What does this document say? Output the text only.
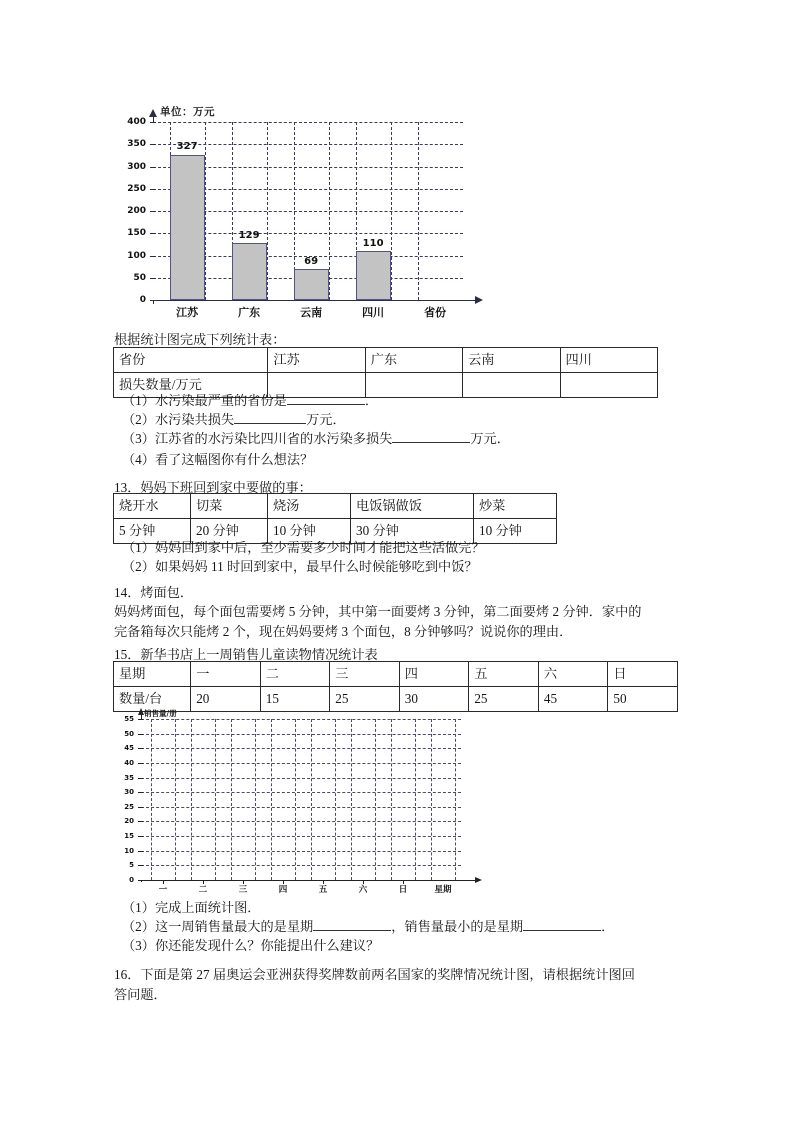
单位：万元
327
129
69
110
0
50
100
150
200
250
300
350
400
江苏	广东	云南	四川	省份
根据统计图完成下列统计表：
省份	江苏	广东	云南	四川
损失数量/万元				
（1）水污染最严重的省份是	．
（2）水污染共损失	万元．
（3）江苏省的水污染比四川省的水污染多损失	万元．
（4）看了这幅图你有什么想法？
13．妈妈下班回到家中要做的事：
烧开水	切菜	烧汤	电饭锅做饭	炒菜
5 分钟	20 分钟	10 分钟	30 分钟	10 分钟
（1）妈妈回到家中后，至少需要多少时间才能把这些活做完？
（2）如果妈妈 11 时回到家中，最早什么时候能够吃到中饭？
14．烤面包．
妈妈烤面包，每个面包需要烤 5 分钟，其中第一面要烤 3 分钟，第二面要烤 2 分钟．家中的
完备箱每次只能烤 2 个，现在妈妈要烤 3 个面包，8 分钟够吗？说说你的理由．
15．新华书店上一周销售儿童读物情况统计表
星期	一	二	三	四	五	六	日
数量/台	20	15	25	30	25	45	50
销售量/册
0
5
10
15
20
25
30
35
40
45
50
55
一	二	三	四	五	六	日	星期
（1）完成上面统计图．
（2）这一周销售量最大的是星期	，销售量最小的是星期	．
（3）你还能发现什么？你能提出什么建议？
16．下面是第 27 届奥运会亚洲获得奖牌数前两名国家的奖牌情况统计图，请根据统计图回
答问题．
